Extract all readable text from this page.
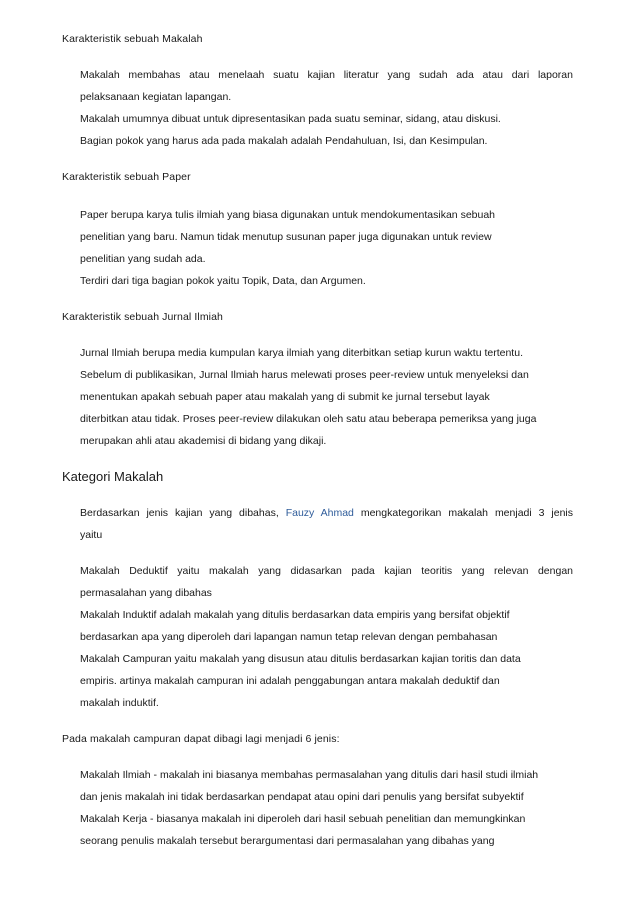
Karakteristik sebuah Makalah

Makalah membahas atau menelaah suatu kajian literatur yang sudah ada atau dari laporan

pelaksanaan kegiatan lapangan.

Makalah umumnya dibuat untuk dipresentasikan pada suatu seminar, sidang, atau diskusi.

Bagian pokok yang harus ada pada makalah adalah Pendahuluan, Isi, dan Kesimpulan.

Karakteristik sebuah Paper

Paper berupa karya tulis ilmiah yang biasa digunakan untuk mendokumentasikan sebuah

penelitian yang baru. Namun tidak menutup susunan paper juga digunakan untuk review

penelitian yang sudah ada.

Terdiri dari tiga bagian pokok yaitu Topik, Data, dan Argumen.

Karakteristik sebuah Jurnal Ilmiah

Jurnal Ilmiah berupa media kumpulan karya ilmiah yang diterbitkan setiap kurun waktu tertentu.

Sebelum di publikasikan, Jurnal Ilmiah harus melewati proses peer-review untuk menyeleksi dan

menentukan apakah sebuah paper atau makalah yang di submit ke jurnal tersebut layak

diterbitkan atau tidak. Proses peer-review dilakukan oleh satu atau beberapa pemeriksa yang juga

merupakan ahli atau akademisi di bidang yang dikaji.

Kategori Makalah

Berdasarkan jenis kajian yang dibahas, Fauzy Ahmad mengkategorikan makalah menjadi 3 jenis

yaitu

Makalah Deduktif yaitu makalah yang didasarkan pada kajian teoritis yang relevan dengan

permasalahan yang dibahas

Makalah Induktif adalah makalah yang ditulis berdasarkan data empiris yang bersifat objektif

berdasarkan apa yang diperoleh dari lapangan namun tetap relevan dengan pembahasan

Makalah Campuran yaitu makalah yang disusun atau ditulis berdasarkan kajian toritis dan data

empiris. artinya makalah campuran ini adalah penggabungan antara makalah deduktif dan

makalah induktif.

Pada makalah campuran dapat dibagi lagi menjadi 6 jenis:

Makalah Ilmiah - makalah ini biasanya membahas permasalahan yang ditulis dari hasil studi ilmiah

dan jenis makalah ini tidak berdasarkan pendapat atau opini dari penulis yang bersifat subyektif

Makalah Kerja - biasanya makalah ini diperoleh dari hasil sebuah penelitian dan memungkinkan

seorang penulis makalah tersebut berargumentasi dari permasalahan yang dibahas yang
